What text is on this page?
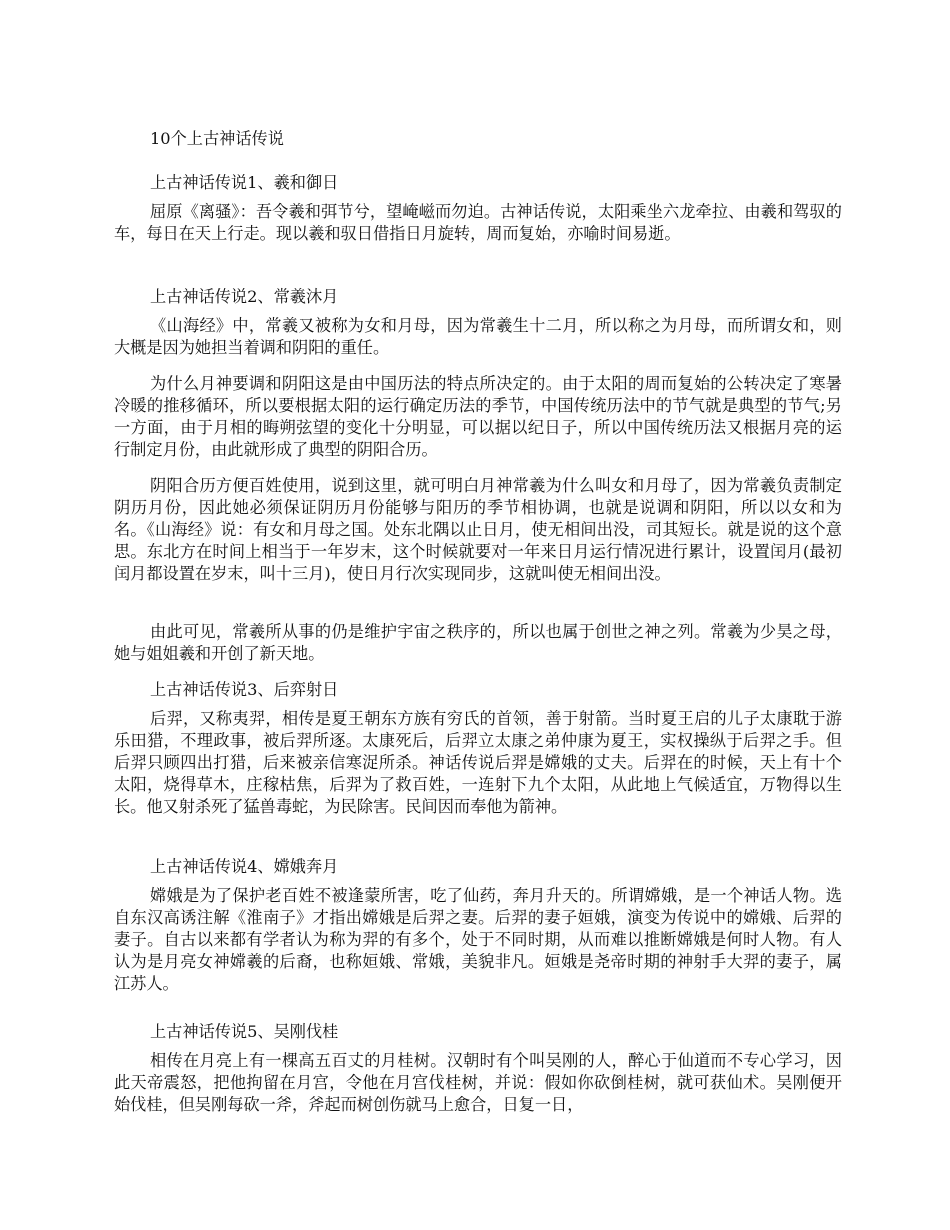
10个上古神话传说

上古神话传说1、羲和御日

屈原《离骚》：吾令羲和弭节兮，望崦嵫而勿迫。古神话传说，太阳乘坐六龙牵拉、由羲和驾驭的车，每日在天上行走。现以羲和驭日借指日月旋转，周而复始，亦喻时间易逝。

上古神话传说2、常羲沐月

《山海经》中，常羲又被称为女和月母，因为常羲生十二月，所以称之为月母，而所谓女和，则大概是因为她担当着调和阴阳的重任。

为什么月神要调和阴阳这是由中国历法的特点所决定的。由于太阳的周而复始的公转决定了寒暑冷暖的推移循环，所以要根据太阳的运行确定历法的季节，中国传统历法中的节气就是典型的节气;另一方面，由于月相的晦朔弦望的变化十分明显，可以据以纪日子，所以中国传统历法又根据月亮的运行制定月份，由此就形成了典型的阴阳合历。

阴阳合历方便百姓使用，说到这里，就可明白月神常羲为什么叫女和月母了，因为常羲负责制定阴历月份，因此她必须保证阴历月份能够与阳历的季节相协调，也就是说调和阴阳，所以以女和为名。《山海经》说：有女和月母之国。处东北隅以止日月，使无相间出没，司其短长。就是说的这个意思。东北方在时间上相当于一年岁末，这个时候就要对一年来日月运行情况进行累计，设置闰月(最初闰月都设置在岁末，叫十三月)，使日月行次实现同步，这就叫使无相间出没。

由此可见，常羲所从事的仍是维护宇宙之秩序的，所以也属于创世之神之列。常羲为少昊之母，她与姐姐羲和开创了新天地。

上古神话传说3、后弈射日

后羿，又称夷羿，相传是夏王朝东方族有穷氏的首领，善于射箭。当时夏王启的儿子太康耽于游乐田猎，不理政事，被后羿所逐。太康死后，后羿立太康之弟仲康为夏王，实权操纵于后羿之手。但后羿只顾四出打猎，后来被亲信寒浞所杀。神话传说后羿是嫦娥的丈夫。后羿在的时候，天上有十个太阳，烧得草木，庄稼枯焦，后羿为了救百姓，一连射下九个太阳，从此地上气候适宜，万物得以生长。他又射杀死了猛兽毒蛇，为民除害。民间因而奉他为箭神。

上古神话传说4、嫦娥奔月

嫦娥是为了保护老百姓不被逢蒙所害，吃了仙药，奔月升天的。所谓嫦娥，是一个神话人物。选自东汉高诱注解《淮南子》才指出嫦娥是后羿之妻。后羿的妻子姮娥，演变为传说中的嫦娥、后羿的妻子。自古以来都有学者认为称为羿的有多个，处于不同时期，从而难以推断嫦娥是何时人物。有人认为是月亮女神嫦羲的后裔，也称姮娥、常娥，美貌非凡。姮娥是尧帝时期的神射手大羿的妻子，属江苏人。

上古神话传说5、吴刚伐桂

相传在月亮上有一棵高五百丈的月桂树。汉朝时有个叫吴刚的人，醉心于仙道而不专心学习，因此天帝震怒，把他拘留在月宫，令他在月宫伐桂树，并说：假如你砍倒桂树，就可获仙术。吴刚便开始伐桂，但吴刚每砍一斧，斧起而树创伤就马上愈合，日复一日，
